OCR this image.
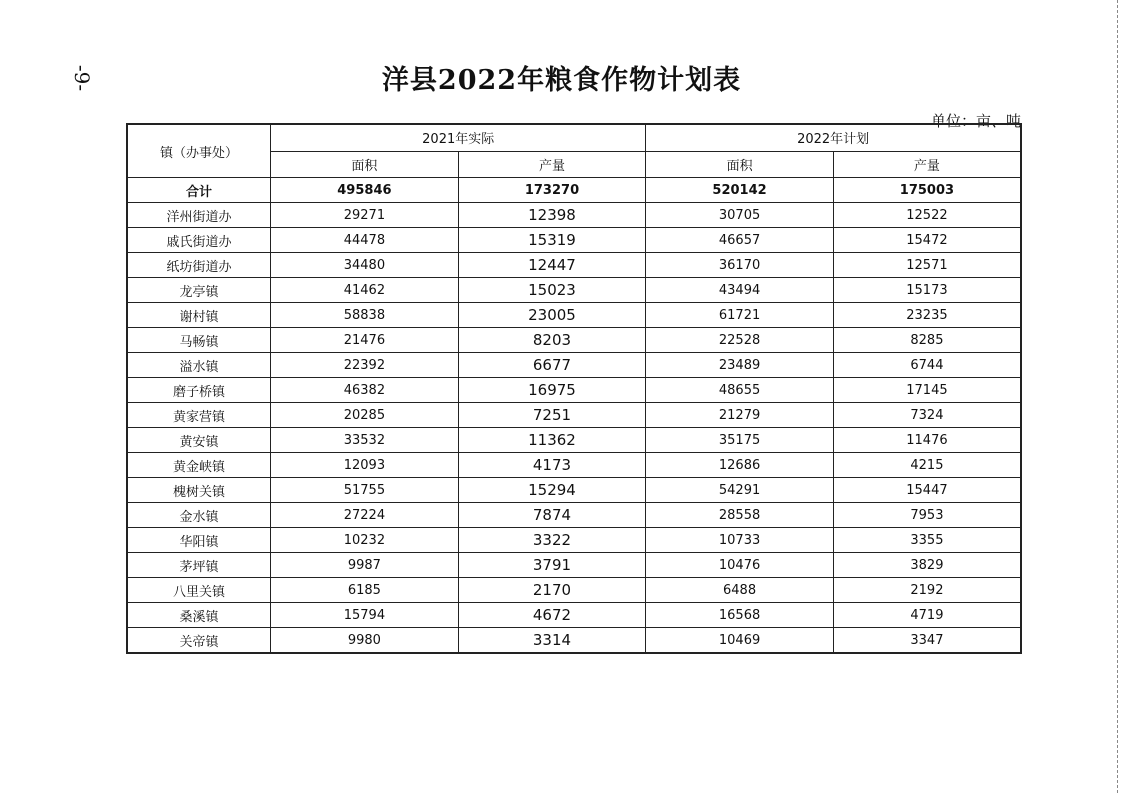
-9-	洋县2022年粮食作物计划表
单位：亩、吨
镇（办事处）	2021年实际		2022年计划	
	面积	产量	面积	产量
合计	495846	173270	520142	175003
洋州街道办	29271	12398	30705	12522
戚氏街道办	44478	15319	46657	15472
纸坊街道办	34480	12447	36170	12571
龙亭镇	41462	15023	43494	15173
谢村镇	58838	23005	61721	23235
马畅镇	21476	8203	22528	8285
溢水镇	22392	6677	23489	6744
磨子桥镇	46382	16975	48655	17145
黄家营镇	20285	7251	21279	7324
黄安镇	33532	11362	35175	11476
黄金峡镇	12093	4173	12686	4215
槐树关镇	51755	15294	54291	15447
金水镇	27224	7874	28558	7953
华阳镇	10232	3322	10733	3355
茅坪镇	9987	3791	10476	3829
八里关镇	6185	2170	6488	2192
桑溪镇	15794	4672	16568	4719
关帝镇	9980	3314	10469	3347
